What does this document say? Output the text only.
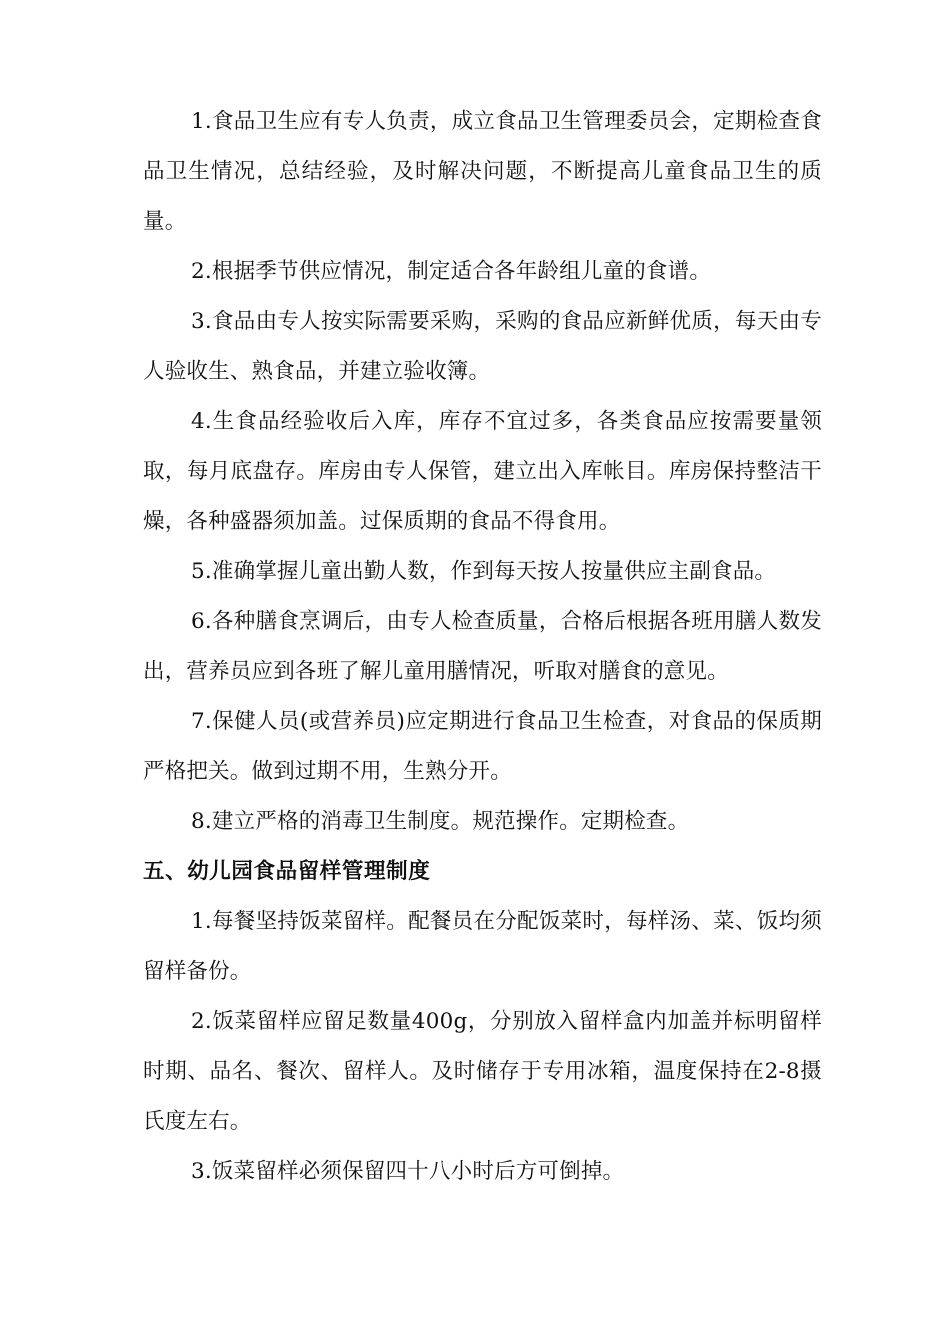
1.食品卫生应有专人负责，成立食品卫生管理委员会，定期检查食品卫生情况，总结经验，及时解决问题，不断提高儿童食品卫生的质量。

2.根据季节供应情况，制定适合各年龄组儿童的食谱。

3.食品由专人按实际需要采购，采购的食品应新鲜优质，每天由专人验收生、熟食品，并建立验收簿。

4.生食品经验收后入库，库存不宜过多，各类食品应按需要量领取，每月底盘存。库房由专人保管，建立出入库帐目。库房保持整洁干燥，各种盛器须加盖。过保质期的食品不得食用。

5.准确掌握儿童出勤人数，作到每天按人按量供应主副食品。

6.各种膳食烹调后，由专人检查质量，合格后根据各班用膳人数发出，营养员应到各班了解儿童用膳情况，听取对膳食的意见。

7.保健人员(或营养员)应定期进行食品卫生检查，对食品的保质期严格把关。做到过期不用，生熟分开。

8.建立严格的消毒卫生制度。规范操作。定期检查。

五、幼儿园食品留样管理制度

1.每餐坚持饭菜留样。配餐员在分配饭菜时，每样汤、菜、饭均须留样备份。

2.饭菜留样应留足数量400g，分别放入留样盒内加盖并标明留样时期、品名、餐次、留样人。及时储存于专用冰箱，温度保持在2-8摄氏度左右。

3.饭菜留样必须保留四十八小时后方可倒掉。
